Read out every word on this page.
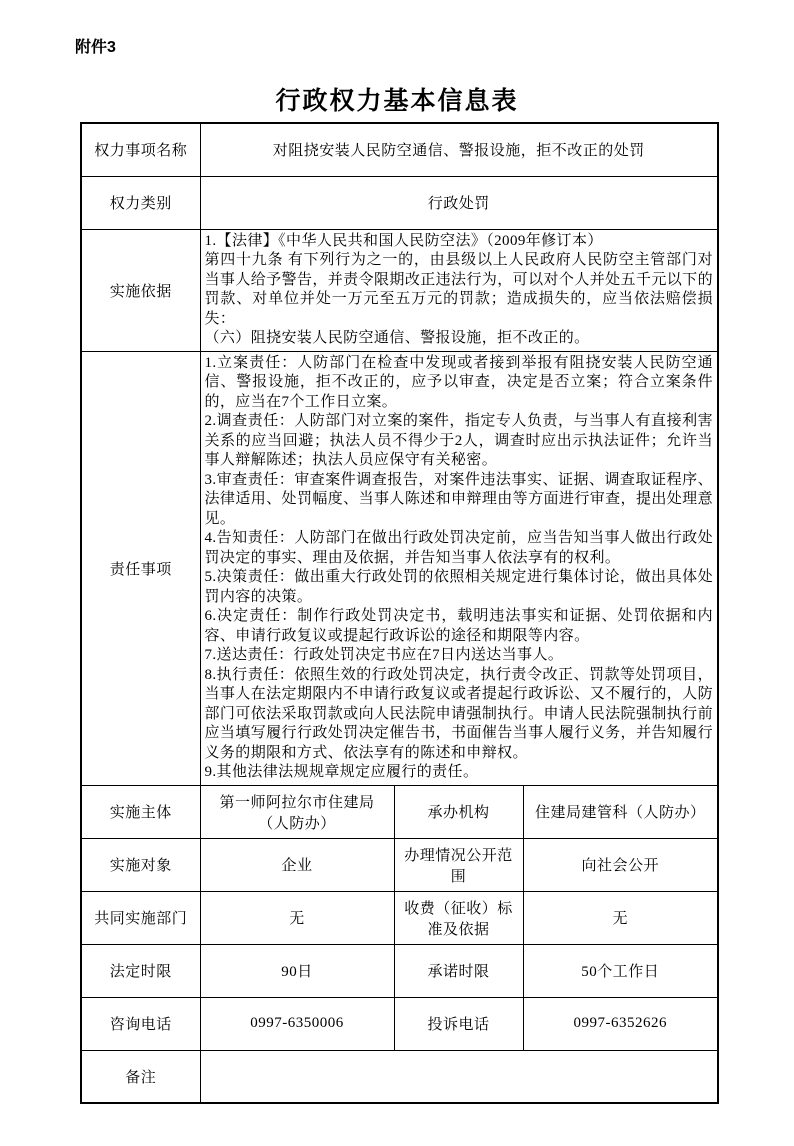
附件3
行政权力基本信息表
权力事项名称	对阻挠安装人民防空通信、警报设施，拒不改正的处罚		
权力类别	行政处罚		
实施依据	1.【法律】《中华人民共和国人民防空法》（2009年修订本）

第四十九条 有下列行为之一的，由县级以上人民政府人民防空主管部门对当事人给予警告，并责令限期改正违法行为，可以对个人并处五千元以下的罚款、对单位并处一万元至五万元的罚款；造成损失的，应当依法赔偿损失：

（六）阻挠安装人民防空通信、警报设施，拒不改正的。		

责任事项	

1.立案责任：人防部门在检查中发现或者接到举报有阻挠安装人民防空通信、警报设施，拒不改正的，应予以审查，决定是否立案；符合立案条件的，应当在7个工作日立案。

2.调查责任：人防部门对立案的案件，指定专人负责，与当事人有直接利害关系的应当回避；执法人员不得少于2人，调查时应出示执法证件；允许当事人辩解陈述；执法人员应保守有关秘密。

3.审查责任：审查案件调查报告，对案件违法事实、证据、调查取证程序、法律适用、处罚幅度、当事人陈述和申辩理由等方面进行审查，提出处理意见。

4.告知责任：人防部门在做出行政处罚决定前，应当告知当事人做出行政处罚决定的事实、理由及依据，并告知当事人依法享有的权利。

5.决策责任：做出重大行政处罚的依照相关规定进行集体讨论，做出具体处罚内容的决策。

6.决定责任：制作行政处罚决定书，载明违法事实和证据、处罚依据和内容、申请行政复议或提起行政诉讼的途径和期限等内容。

7.送达责任：行政处罚决定书应在7日内送达当事人。

8.执行责任：依照生效的行政处罚决定，执行责令改正、罚款等处罚项目，当事人在法定期限内不申请行政复议或者提起行政诉讼、又不履行的，人防部门可依法采取罚款或向人民法院申请强制执行。申请人民法院强制执行前应当填写履行行政处罚决定催告书，书面催告当事人履行义务，并告知履行义务的期限和方式、依法享有的陈述和申辩权。

9.其他法律法规规章规定应履行的责任。

实施主体	第一师阿拉尔市住建局（人防办）	承办机构	住建局建管科（人防办）
实施对象	企业	办理情况公开范围	向社会公开
共同实施部门	无	收费（征收）标准及依据	无
法定时限	90日	承诺时限	50个工作日
咨询电话	0997-6350006	投诉电话	0997-6352626
备注			
